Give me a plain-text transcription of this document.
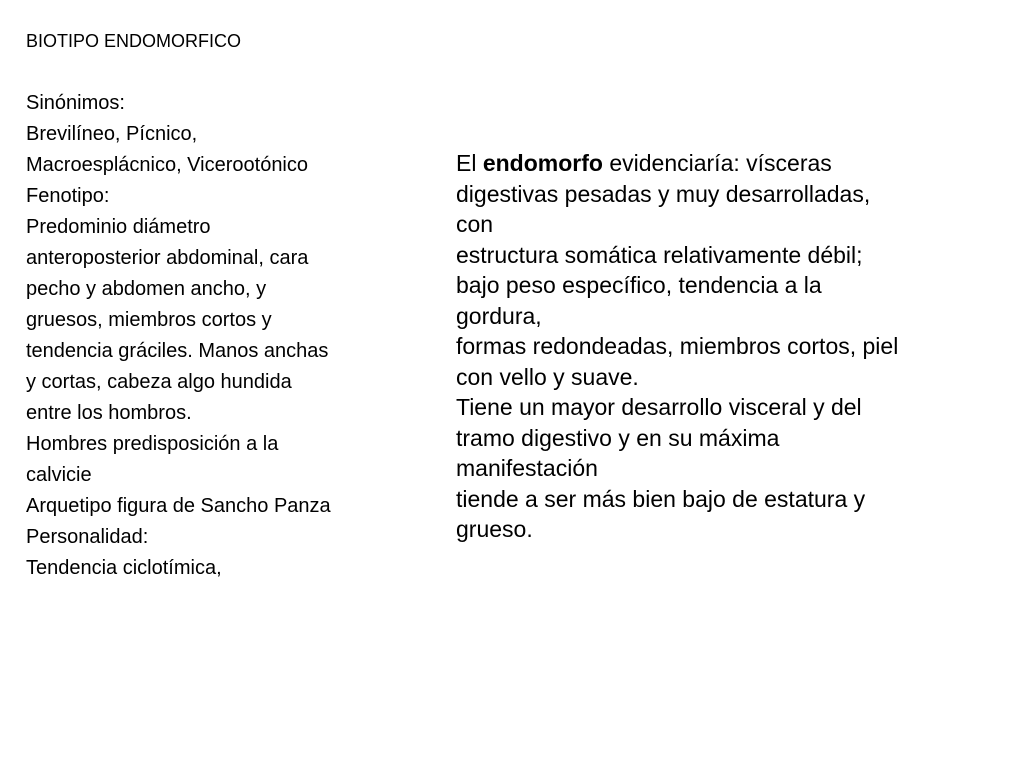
BIOTIPO ENDOMORFICO
Sinónimos:
Brevilíneo, Pícnico,
Macroesplácnico, Vicerootónico
Fenotipo:
Predominio diámetro
anteroposterior abdominal, cara
pecho y abdomen ancho, y
gruesos, miembros cortos y
tendencia gráciles. Manos anchas
y cortas, cabeza algo hundida
entre los hombros.
Hombres predisposición a la
calvicie
Arquetipo figura de Sancho Panza
Personalidad:
Tendencia ciclotímica,
El endomorfo evidenciaría: vísceras
digestivas pesadas y muy desarrolladas,
con
estructura somática relativamente débil;
bajo peso específico, tendencia a la
gordura,
formas redondeadas, miembros cortos, piel
con vello y suave.
Tiene un mayor desarrollo visceral y del
tramo digestivo y en su máxima
manifestación
tiende a ser más bien bajo de estatura y
grueso.
